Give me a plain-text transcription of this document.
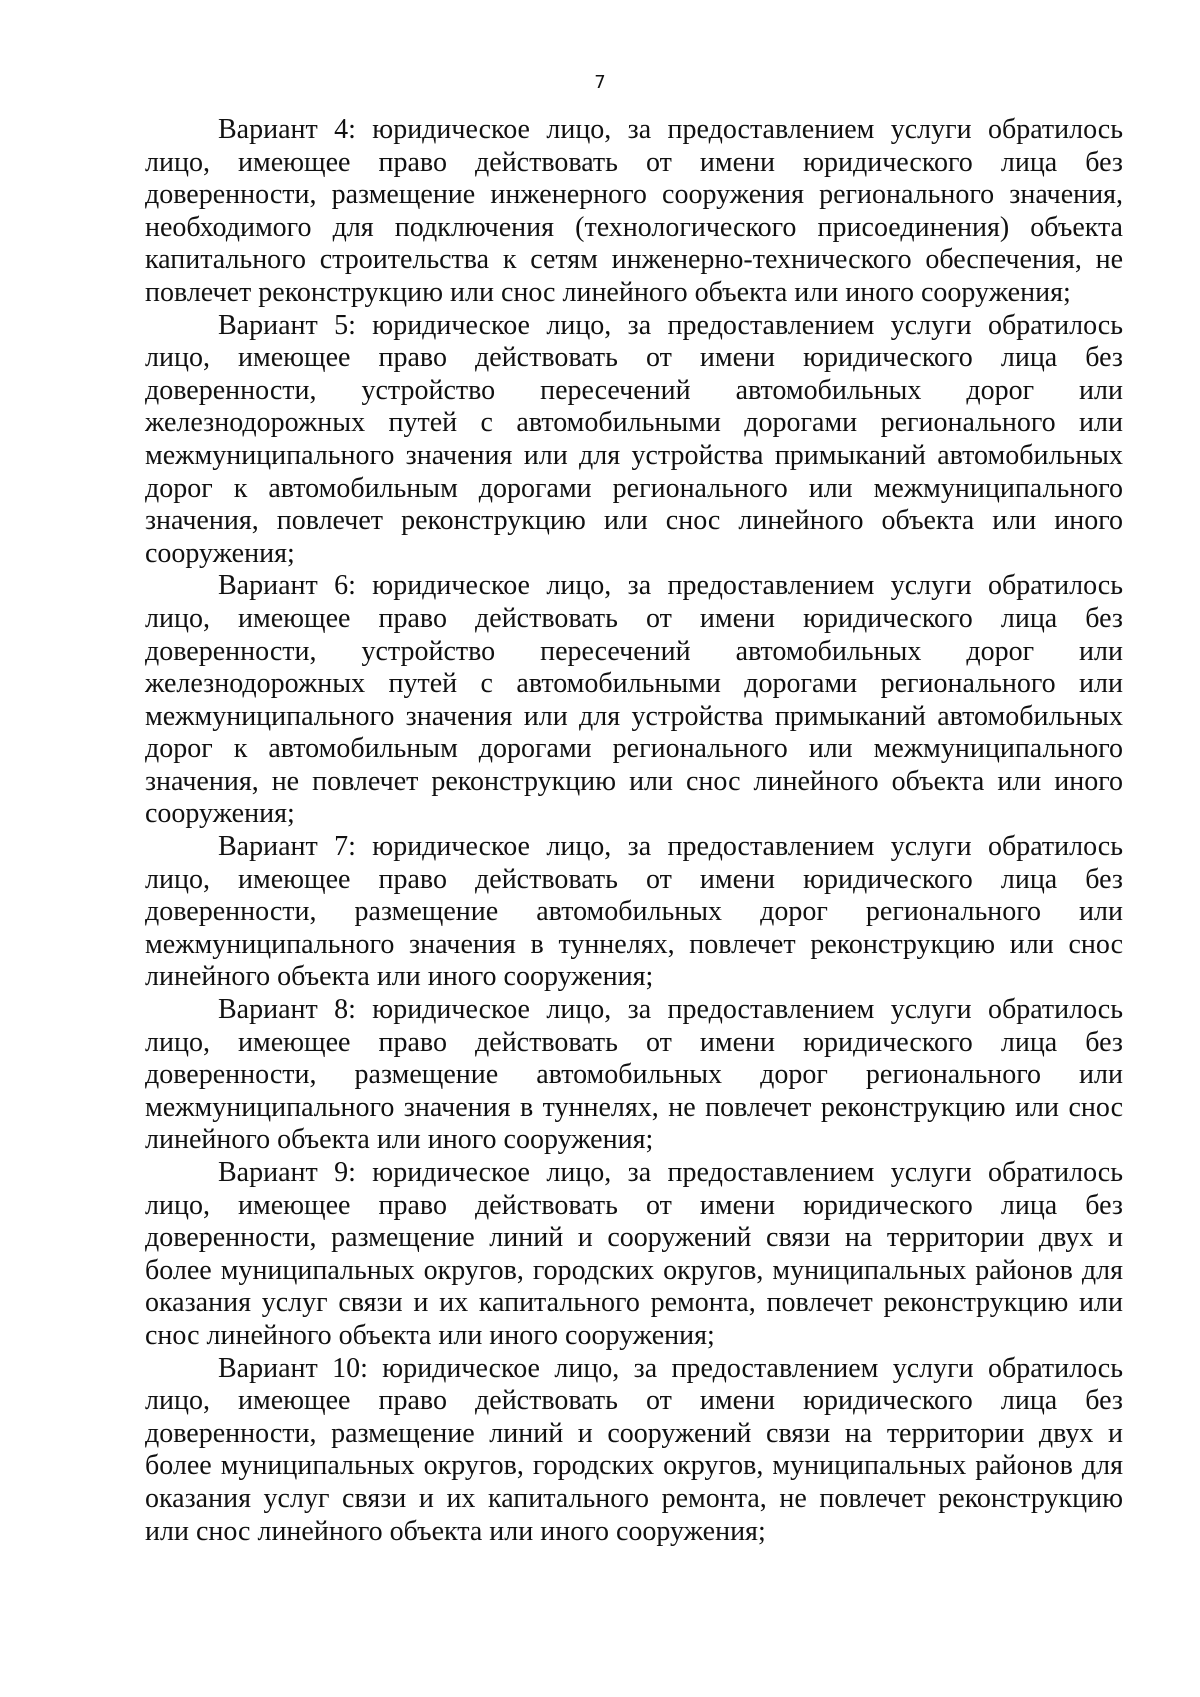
7

Вариант 4: юридическое лицо, за предоставлением услуги обратилось лицо, имеющее право действовать от имени юридического лица без доверенности, размещение инженерного сооружения регионального значения, необходимого для подключения (технологического присоединения) объекта капитального строительства к сетям инженерно-технического обеспечения, не повлечет реконструкцию или снос линейного объекта или иного сооружения;

Вариант 5: юридическое лицо, за предоставлением услуги обратилось лицо, имеющее право действовать от имени юридического лица без доверенности, устройство пересечений автомобильных дорог или железнодорожных путей с автомобильными дорогами регионального или межмуниципального значения или для устройства примыканий автомобильных дорог к автомобильным дорогами регионального или межмуниципального значения, повлечет реконструкцию или снос линейного объекта или иного сооружения;

Вариант 6: юридическое лицо, за предоставлением услуги обратилось лицо, имеющее право действовать от имени юридического лица без доверенности, устройство пересечений автомобильных дорог или железнодорожных путей с автомобильными дорогами регионального или межмуниципального значения или для устройства примыканий автомобильных дорог к автомобильным дорогами регионального или межмуниципального значения, не повлечет реконструкцию или снос линейного объекта или иного сооружения;

Вариант 7: юридическое лицо, за предоставлением услуги обратилось лицо, имеющее право действовать от имени юридического лица без доверенности, размещение автомобильных дорог регионального или межмуниципального значения в туннелях, повлечет реконструкцию или снос линейного объекта или иного сооружения;

Вариант 8: юридическое лицо, за предоставлением услуги обратилось лицо, имеющее право действовать от имени юридического лица без доверенности, размещение автомобильных дорог регионального или межмуниципального значения в туннелях, не повлечет реконструкцию или снос линейного объекта или иного сооружения;

Вариант 9: юридическое лицо, за предоставлением услуги обратилось лицо, имеющее право действовать от имени юридического лица без доверенности, размещение линий и сооружений связи на территории двух и более муниципальных округов, городских округов, муниципальных районов для оказания услуг связи и их капитального ремонта, повлечет реконструкцию или снос линейного объекта или иного сооружения;

Вариант 10: юридическое лицо, за предоставлением услуги обратилось лицо, имеющее право действовать от имени юридического лица без доверенности, размещение линий и сооружений связи на территории двух и более муниципальных округов, городских округов, муниципальных районов для оказания услуг связи и их капитального ремонта, не повлечет реконструкцию или снос линейного объекта или иного сооружения;
